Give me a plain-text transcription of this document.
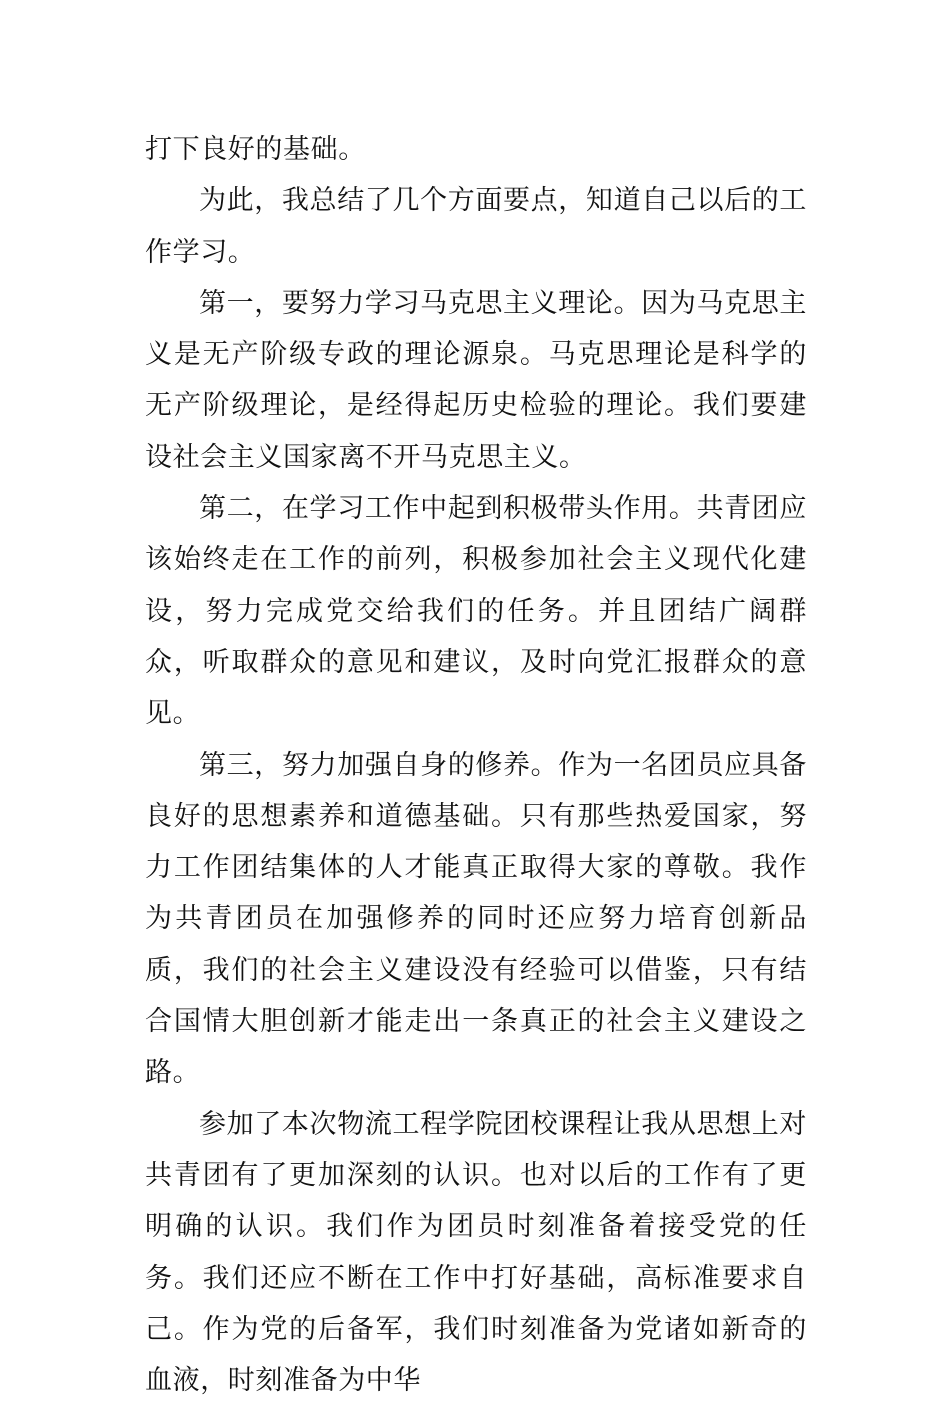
打下良好的基础。

为此，我总结了几个方面要点，知道自己以后的工作学习。

第一，要努力学习马克思主义理论。因为马克思主义是无产阶级专政的理论源泉。马克思理论是科学的无产阶级理论，是经得起历史检验的理论。我们要建设社会主义国家离不开马克思主义。

第二，在学习工作中起到积极带头作用。共青团应该始终走在工作的前列，积极参加社会主义现代化建设，努力完成党交给我们的任务。并且团结广阔群众，听取群众的意见和建议，及时向党汇报群众的意见。

第三，努力加强自身的修养。作为一名团员应具备良好的思想素养和道德基础。只有那些热爱国家，努力工作团结集体的人才能真正取得大家的尊敬。我作为共青团员在加强修养的同时还应努力培育创新品质，我们的社会主义建设没有经验可以借鉴，只有结合国情大胆创新才能走出一条真正的社会主义建设之路。

参加了本次物流工程学院团校课程让我从思想上对共青团有了更加深刻的认识。也对以后的工作有了更明确的认识。我们作为团员时刻准备着接受党的任务。我们还应不断在工作中打好基础，高标准要求自己。作为党的后备军，我们时刻准备为党诸如新奇的血液，时刻准备为中华
